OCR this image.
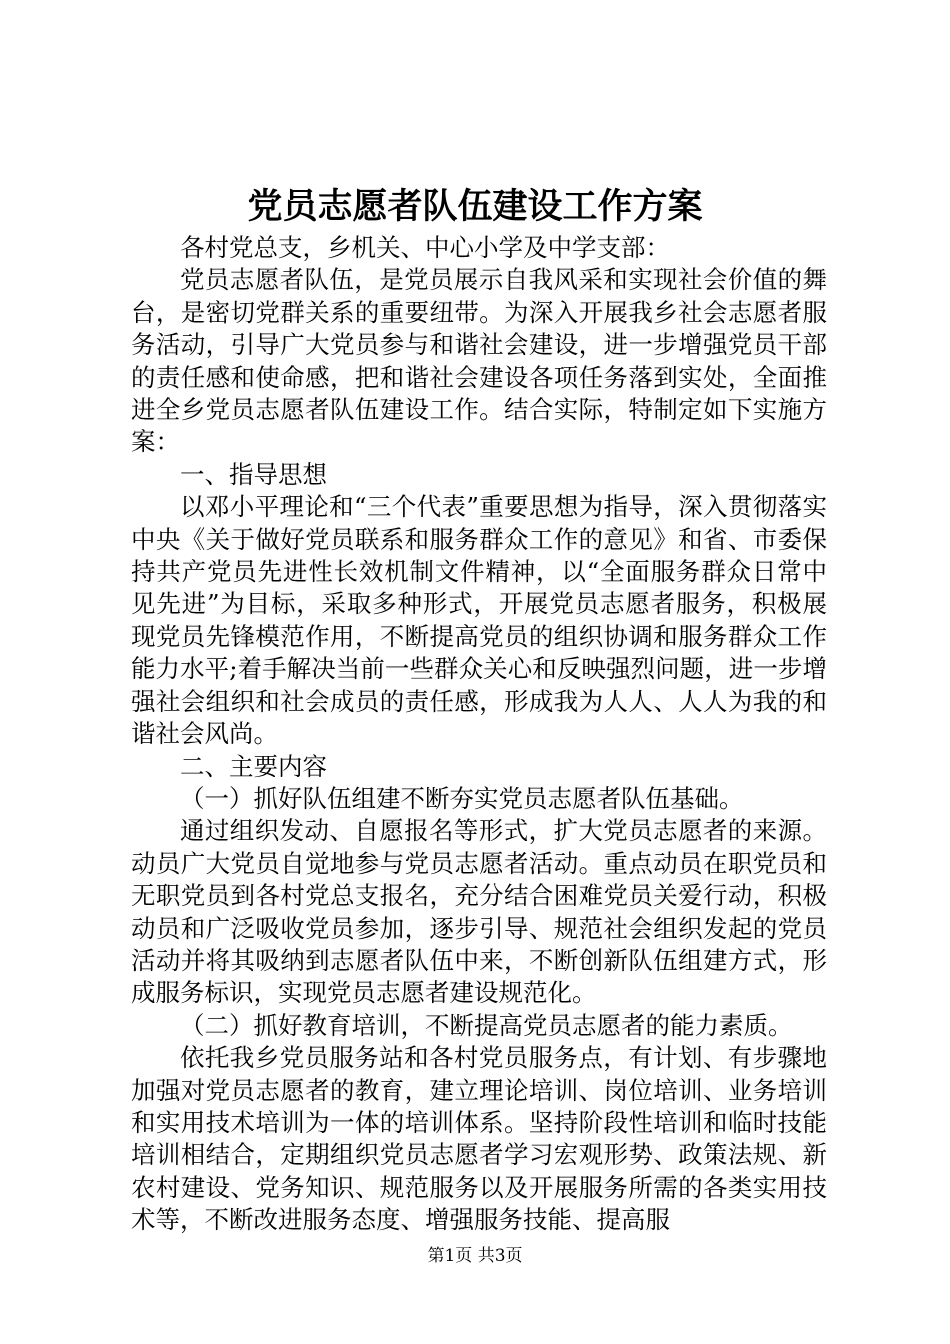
党员志愿者队伍建设工作方案

各村党总支，乡机关、中心小学及中学支部：

党员志愿者队伍，是党员展示自我风采和实现社会价值的舞台，是密切党群关系的重要纽带。为深入开展我乡社会志愿者服务活动，引导广大党员参与和谐社会建设，进一步增强党员干部的责任感和使命感，把和谐社会建设各项任务落到实处，全面推进全乡党员志愿者队伍建设工作。结合实际，特制定如下实施方案：

一、指导思想

以邓小平理论和“三个代表”重要思想为指导，深入贯彻落实中央《关于做好党员联系和服务群众工作的意见》和省、市委保持共产党员先进性长效机制文件精神，以“全面服务群众日常中见先进”为目标，采取多种形式，开展党员志愿者服务，积极展现党员先锋模范作用，不断提高党员的组织协调和服务群众工作能力水平;着手解决当前一些群众关心和反映强烈问题，进一步增强社会组织和社会成员的责任感，形成我为人人、人人为我的和谐社会风尚。

二、主要内容

（一）抓好队伍组建不断夯实党员志愿者队伍基础。

通过组织发动、自愿报名等形式，扩大党员志愿者的来源。动员广大党员自觉地参与党员志愿者活动。重点动员在职党员和无职党员到各村党总支报名，充分结合困难党员关爱行动，积极动员和广泛吸收党员参加，逐步引导、规范社会组织发起的党员活动并将其吸纳到志愿者队伍中来，不断创新队伍组建方式，形成服务标识，实现党员志愿者建设规范化。

（二）抓好教育培训，不断提高党员志愿者的能力素质。

依托我乡党员服务站和各村党员服务点，有计划、有步骤地加强对党员志愿者的教育，建立理论培训、岗位培训、业务培训和实用技术培训为一体的培训体系。坚持阶段性培训和临时技能培训相结合，定期组织党员志愿者学习宏观形势、政策法规、新农村建设、党务知识、规范服务以及开展服务所需的各类实用技术等，不断改进服务态度、增强服务技能、提高服

第1页 共3页
